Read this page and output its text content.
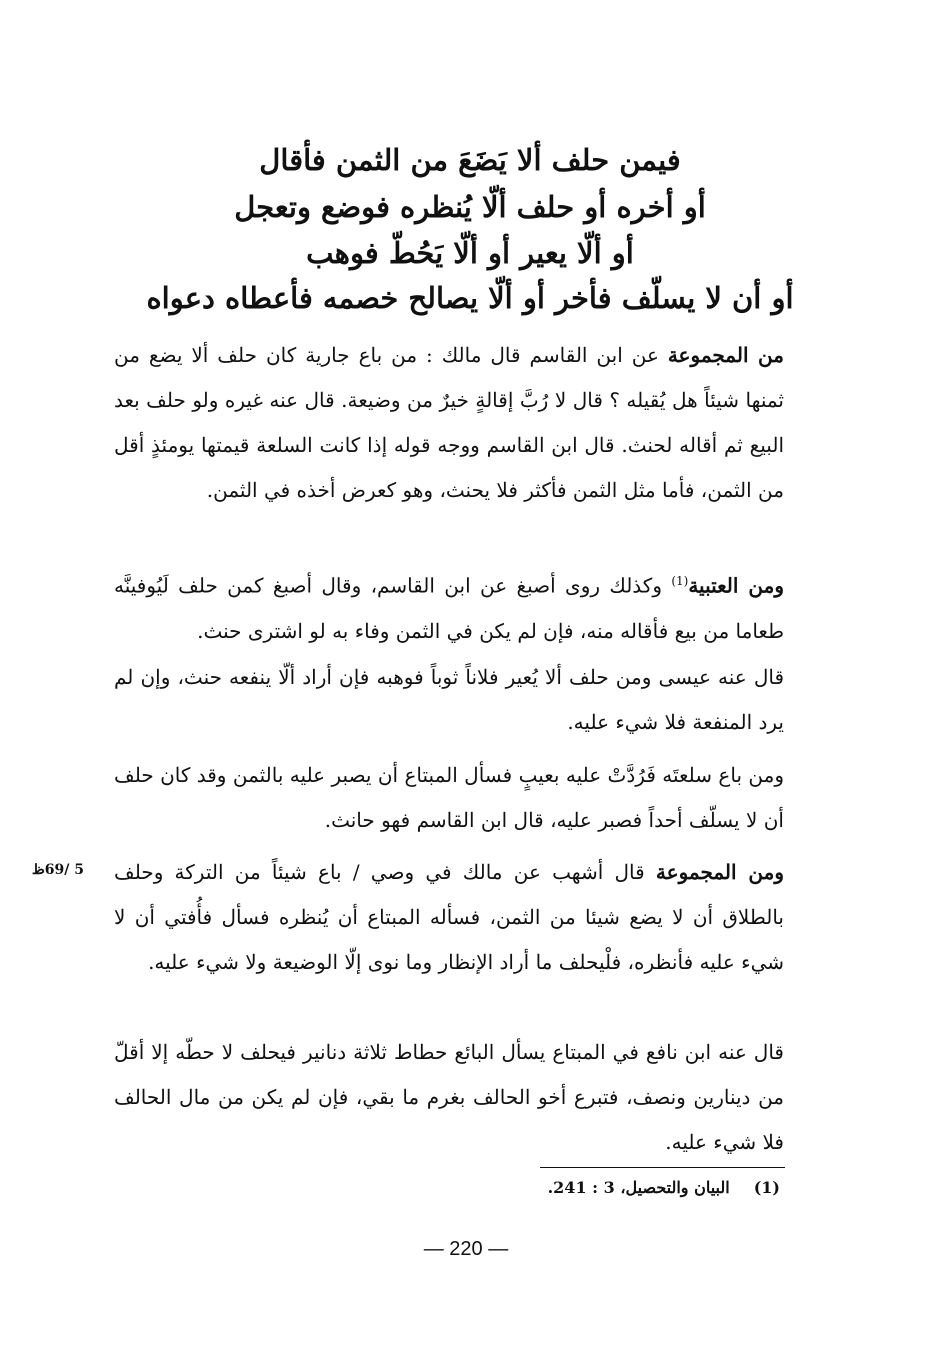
فيمن حلف ألا يَضَعَ من الثمن فأقال
أو أخره أو حلف ألّا يُنظره فوضع وتعجل
أو ألّا يعير أو ألّا يَحُطّ فوهب
أو أن لا يسلّف فأخر أو ألّا يصالح خصمه فأعطاه دعواه

من المجموعة عن ابن القاسم قال مالك : من باع جارية كان حلف ألا يضع من ثمنها شيئاً هل يُقيله ؟ قال لا رُبَّ إقالةٍ خيرٌ من وضيعة. قال عنه غيره ولو حلف بعد البيع ثم أقاله لحنث. قال ابن القاسم ووجه قوله إذا كانت السلعة قيمتها يومئذٍ أقل من الثمن، فأما مثل الثمن فأكثر فلا يحنث، وهو كعرض أخذه في الثمن.

ومن العتبية$^{(1)}$ وكذلك روى أصبغ عن ابن القاسم، وقال أصبغ كمن حلف لَيُوفينَّه طعاما من بيع فأقاله منه، فإن لم يكن في الثمن وفاء به لو اشترى حنث.

قال عنه عيسى ومن حلف ألا يُعير فلاناً ثوباً فوهبه فإن أراد ألّا ينفعه حنث، وإن لم يرد المنفعة فلا شيء عليه.

ومن باع سلعتَه فَرُدَّتْ عليه بعيبٍ فسأل المبتاع أن يصبر عليه بالثمن وقد كان حلف أن لا يسلّف أحداً فصبر عليه، قال ابن القاسم فهو حانث.

5 /69ظ	ومن المجموعة قال أشهب عن مالك في وصي / باع شيئاً من التركة وحلف بالطلاق أن لا يضع شيئا من الثمن، فسأله المبتاع أن يُنظره فسأل فأُفتي أن لا شيء عليه فأنظره، فلْيحلف ما أراد الإنظار وما نوى إلّا الوضيعة ولا شيء عليه.

قال عنه ابن نافع في المبتاع يسأل البائع حطاط ثلاثة دنانير فيحلف لا حطّه إلا أقلّ من دينارين ونصف، فتبرع أخو الحالف بغرم ما بقي، فإن لم يكن من مال الحالف فلا شيء عليه.

(1)البيان والتحصيل، 3 : 241.
— 220 —
